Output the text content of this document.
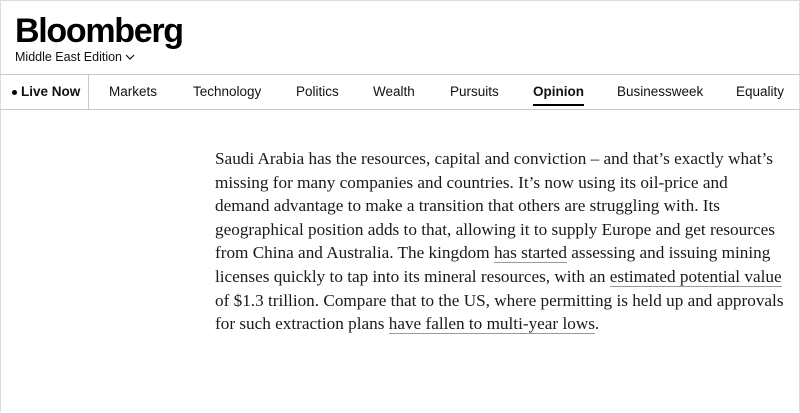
Bloomberg
Middle East Edition
Live Now Markets	Technology	Politics	Wealth	Pursuits	Opinion Businessweek Equality

Saudi Arabia has the resources, capital and conviction – and that’s exactly what’s missing for many companies and countries. It’s now using its oil-price and demand advantage to make a transition that others are struggling with. Its geographical position adds to that, allowing it to supply Europe and get resources from China and Australia. The kingdom has started assessing and issuing mining licenses quickly to tap into its mineral resources, with an estimated potential value of $1.3 trillion. Compare that to the US, where permitting is held up and approvals for such extraction plans have fallen to multi-year lows.
